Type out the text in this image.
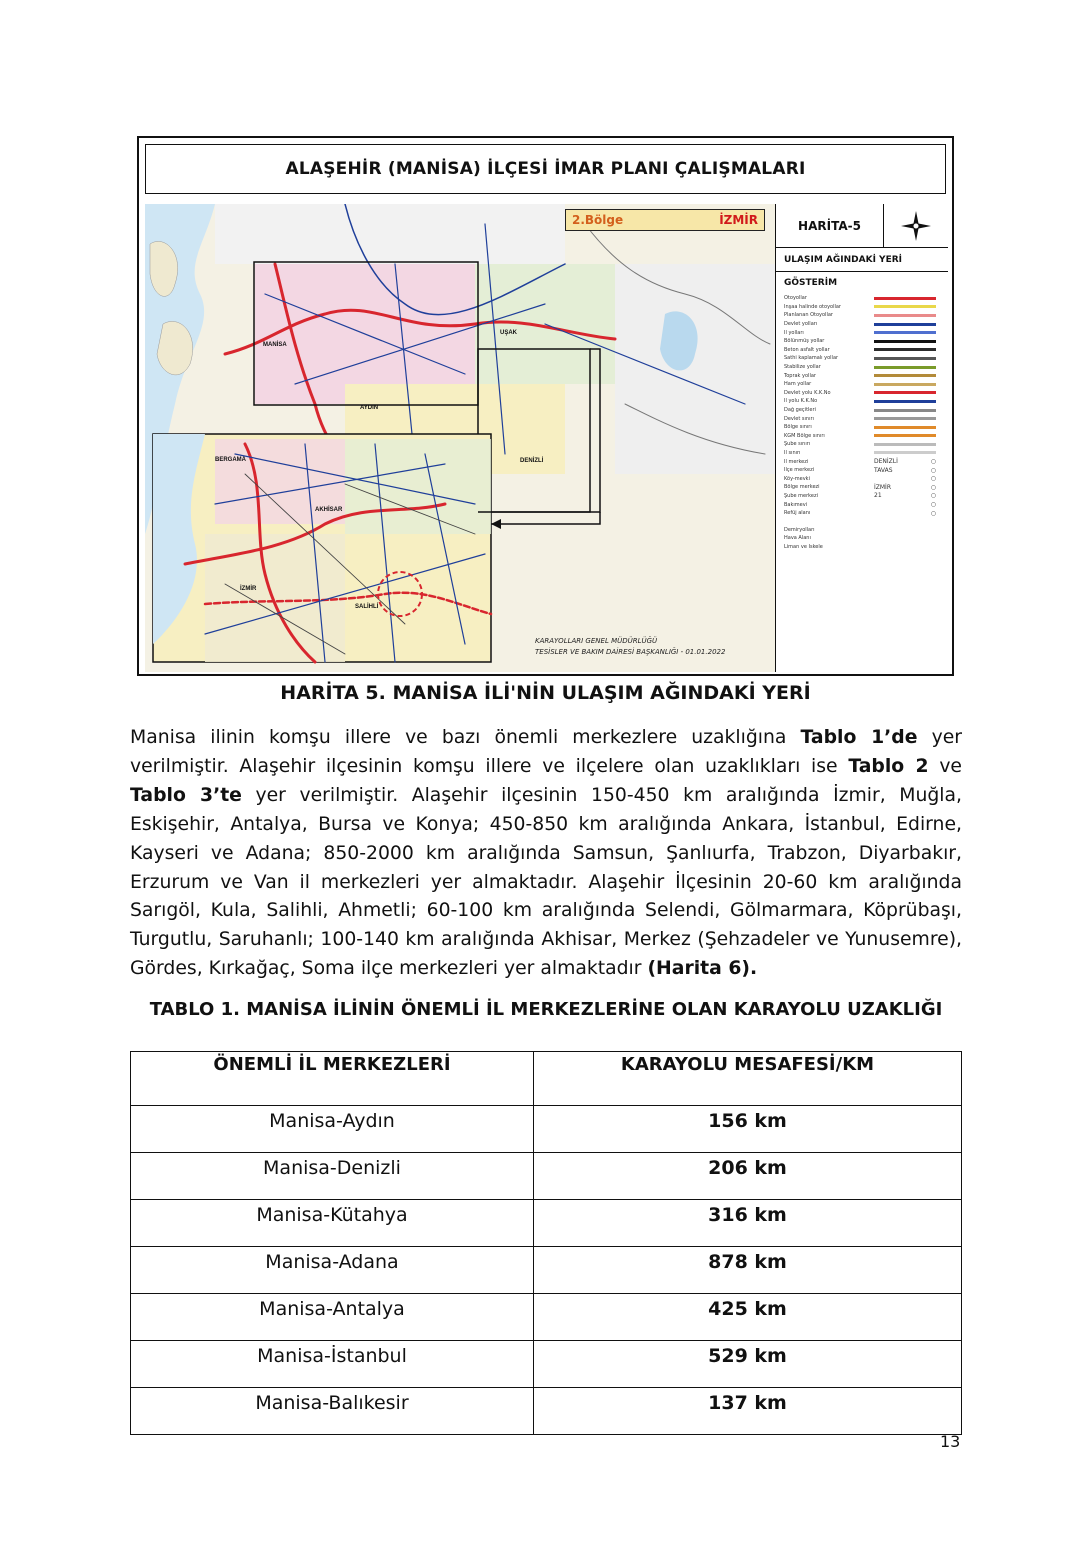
ALAŞEHİR (MANİSA) İLÇESİ İMAR PLANI ÇALIŞMALARI
MANİSA
İZMİR
UŞAK
AYDIN
AKHİSAR
BERGAMA
SALİHLİ
DENİZLİ
2.Bölge	İZMİR
KARAYOLLARI GENEL MÜDÜRLÜĞÜ
TESİSLER VE BAKIM DAİRESİ BAŞKANLIĞI - 01.01.2022
HARİTA-5
ULAŞIM AĞINDAKİ YERİ
GÖSTERİM
Otoyollar
İnşaa halinde otoyollar
Planlanan Otoyollar
Devlet yolları
İl yolları
Bölünmüş yollar
Beton asfalt yollar
Sathi kaplamalı yollar
Stabilize yollar
Toprak yollar
Ham yollar
Devlet yolu K.K.No
İl yolu K.K.No
Dağ geçitleri
Devlet sınırı
Bölge sınırı
KGM Bölge sınırı
Şube sınırı
İl sınırı
İl merkezi	DENİZLİ	○
İlçe merkezi	TAVAS	○
Köy-mevki	○
Bölge merkezi	İZMİR	○
Şube merkezi	21	○
Bakımevi	○
Refüj alanı	○
Demiryolları
Hava Alanı
Liman ve İskele
HARİTA 5. MANİSA İLİ'NİN ULAŞIM AĞINDAKİ YERİ
Manisa ilinin komşu illere ve bazı önemli merkezlere uzaklığına Tablo 1’de yer verilmiştir. Alaşehir ilçesinin komşu illere ve ilçelere olan uzaklıkları ise Tablo 2 ve Tablo 3’te yer verilmiştir. Alaşehir ilçesinin 150-450 km aralığında İzmir, Muğla, Eskişehir, Antalya, Bursa ve Konya; 450-850 km aralığında Ankara, İstanbul, Edirne, Kayseri ve Adana; 850-2000 km aralığında Samsun, Şanlıurfa, Trabzon, Diyarbakır, Erzurum ve Van il merkezleri yer almaktadır. Alaşehir İlçesinin 20-60 km aralığında Sarıgöl, Kula, Salihli, Ahmetli; 60-100 km aralığında Selendi, Gölmarmara, Köprübaşı, Turgutlu, Saruhanlı; 100-140 km aralığında Akhisar, Merkez (Şehzadeler ve Yunusemre), Gördes, Kırkağaç, Soma ilçe merkezleri yer almaktadır (Harita 6).
TABLO 1. MANİSA İLİNİN ÖNEMLİ İL MERKEZLERİNE OLAN KARAYOLU UZAKLIĞI
ÖNEMLİ İL MERKEZLERİ	KARAYOLU MESAFESİ/KM
Manisa-Aydın	156 km
Manisa-Denizli	206 km
Manisa-Kütahya	316 km
Manisa-Adana	878 km
Manisa-Antalya	425 km
Manisa-İstanbul	529 km
Manisa-Balıkesir	137 km
13
